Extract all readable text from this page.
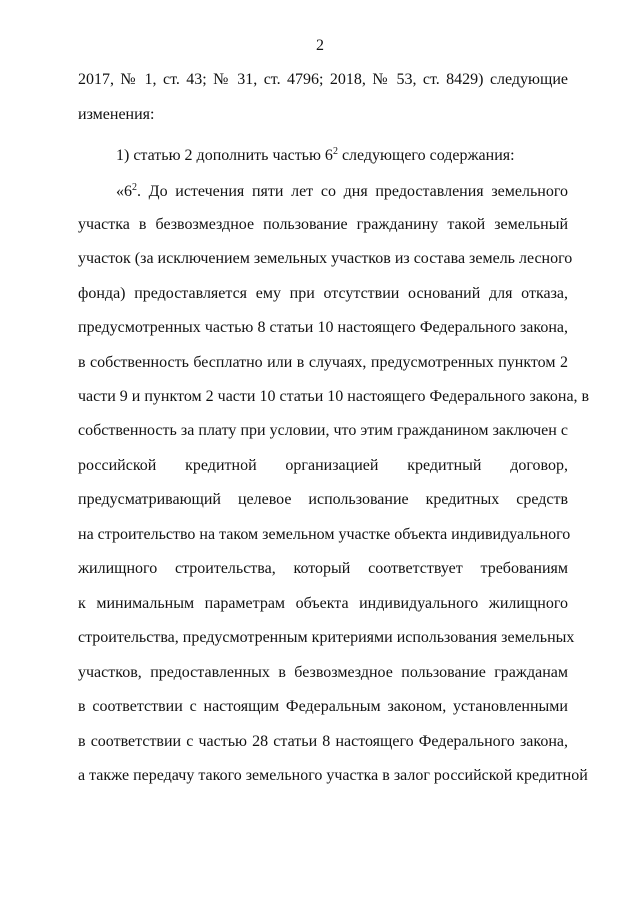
2
2017, № 1, ст. 43; № 31, ст. 4796; 2018, № 53, ст. 8429) следующие
изменения:
1) статью 2 дополнить частью $6^2$ следующего содержания:
«$6^2$. До истечения пяти лет со дня предоставления земельного
участка в безвозмездное пользование гражданину такой земельный
участок (за исключением земельных участков из состава земель лесного
фонда) предоставляется ему при отсутствии оснований для отказа,
предусмотренных частью 8 статьи 10 настоящего Федерального закона,
в собственность бесплатно или в случаях, предусмотренных пунктом 2
части 9 и пунктом 2 части 10 статьи 10 настоящего Федерального закона, в
собственность за плату при условии, что этим гражданином заключен с
российской кредитной организацией кредитный договор,
предусматривающий целевое использование кредитных средств
на строительство на таком земельном участке объекта индивидуального
жилищного строительства, который соответствует требованиям
к минимальным параметрам объекта индивидуального жилищного
строительства, предусмотренным критериями использования земельных
участков, предоставленных в безвозмездное пользование гражданам
в соответствии с настоящим Федеральным законом, установленными
в соответствии с частью 28 статьи 8 настоящего Федерального закона,
а также передачу такого земельного участка в залог российской кредитной
